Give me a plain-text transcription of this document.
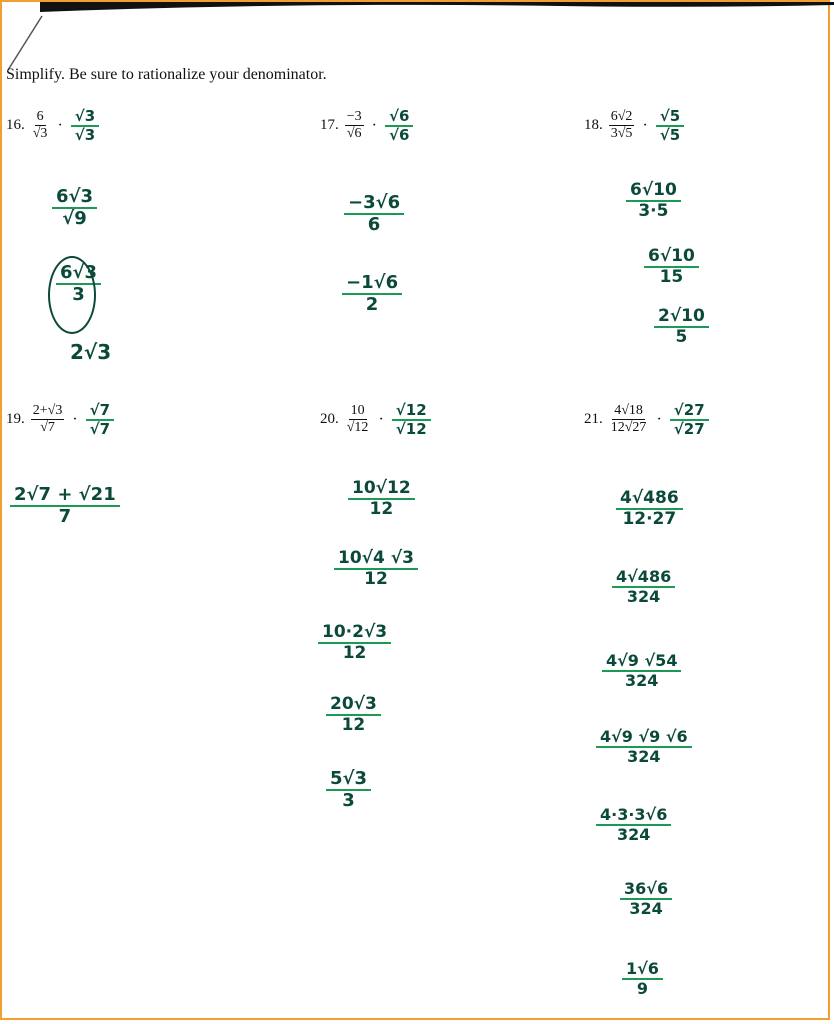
Simplify. Be sure to rationalize your denominator.
16. $\frac{6}{√3} \cdot \frac{√3}{√3}$
$\frac{6√3}{√9}$
$\frac{6√3}{3}$
2√3
17. $\frac{-3}{√6} \cdot \frac{√6}{√6}$
$\frac{-3√6}{6}$
$\frac{-1√6}{2}$
18. $\frac{6√2}{3√5} \cdot \frac{√5}{√5}$
$\frac{6√10}{3\cdot 5}$
$\frac{6√10}{15}$
$\frac{2√10}{5}$
19. $\frac{2+√3}{√7} \cdot \frac{√7}{√7}$
$\frac{2√7 + √21}{7}$
20. $\frac{10}{√12} \cdot \frac{√12}{√12}$
$\frac{10√12}{12}$
$\frac{10√4 √3}{12}$
$\frac{10\cdot 2√3}{12}$
$\frac{20√3}{12}$
$\frac{5√3}{3}$
21. $\frac{4√18}{12√27} \cdot \frac{√27}{√27}$
$\frac{4√486}{12\cdot 27}$
$\frac{4√486}{324}$
$\frac{4√9 √54}{324}$
$\frac{4√9 √9 √6}{324}$
$\frac{4\cdot 3\cdot 3√6}{324}$
$\frac{36√6}{324}$
$\frac{1√6}{9}$
